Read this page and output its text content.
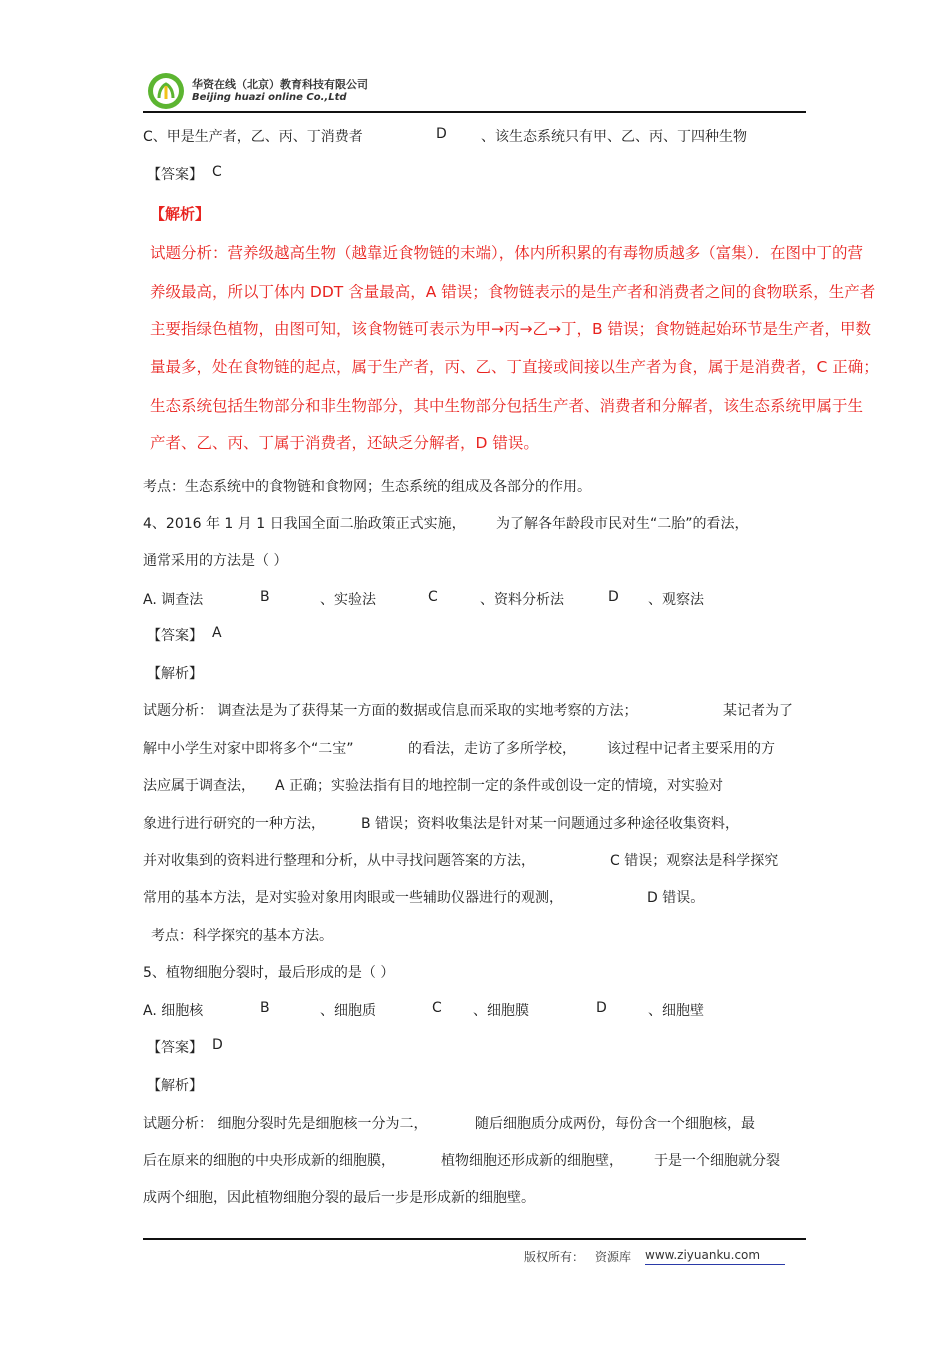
华资在线（北京）教育科技有限公司
Beijing huazi online Co.,Ltd
C、甲是生产者，乙、丙、丁消费者	D 、该生态系统只有甲、乙、丙、丁四种生物
【答案】 C
【解析】
试题分析：营养级越高生物（越靠近食物链的末端），体内所积累的有毒物质越多（富集）．在图中丁的营
养级最高，所以丁体内 DDT 含量最高，A 错误；食物链表示的是生产者和消费者之间的食物联系，生产者
主要指绿色植物，由图可知，该食物链可表示为甲→丙→乙→丁，B 错误；食物链起始环节是生产者，甲数
量最多，处在食物链的起点，属于生产者，丙、乙、丁直接或间接以生产者为食，属于是消费者，C 正确；
生态系统包括生物部分和非生物部分，其中生物部分包括生产者、消费者和分解者，该生态系统甲属于生
产者、乙、丙、丁属于消费者，还缺乏分解者，D 错误。
考点：生态系统中的食物链和食物网；生态系统的组成及各部分的作用。
4、2016 年 1 月 1 日我国全面二胎政策正式实施， 为了解各年龄段市民对生“二胎”的看法，
通常采用的方法是（ ）
A. 调查法	B	、实验法	C	、资料分析法	D 、观察法
【答案】 A
【解析】
试题分析： 调查法是为了获得某一方面的数据或信息而采取的实地考察的方法；	某记者为了
解中小学生对家中即将多个“二宝”	的看法，走访了多所学校， 该过程中记者主要采用的方
法应属于调查法， A 正确；实验法指有目的地控制一定的条件或创设一定的情境，对实验对
象进行进行研究的一种方法，	B 错误；资料收集法是针对某一问题通过多种途径收集资料，
并对收集到的资料进行整理和分析，从中寻找问题答案的方法，	C 错误；观察法是科学探究
常用的基本方法，是对实验对象用肉眼或一些辅助仪器进行的观测，	D 错误。
考点：科学探究的基本方法。
5、植物细胞分裂时，最后形成的是（ ）
A. 细胞核	B	、细胞质	C 、细胞膜	D	、细胞壁
【答案】 D
【解析】
试题分析： 细胞分裂时先是细胞核一分为二，	随后细胞质分成两份，每份含一个细胞核，最
后在原来的细胞的中央形成新的细胞膜，	植物细胞还形成新的细胞壁， 于是一个细胞就分裂
成两个细胞，因此植物细胞分裂的最后一步是形成新的细胞壁。
版权所有： 资源库 www.ziyuanku.com
